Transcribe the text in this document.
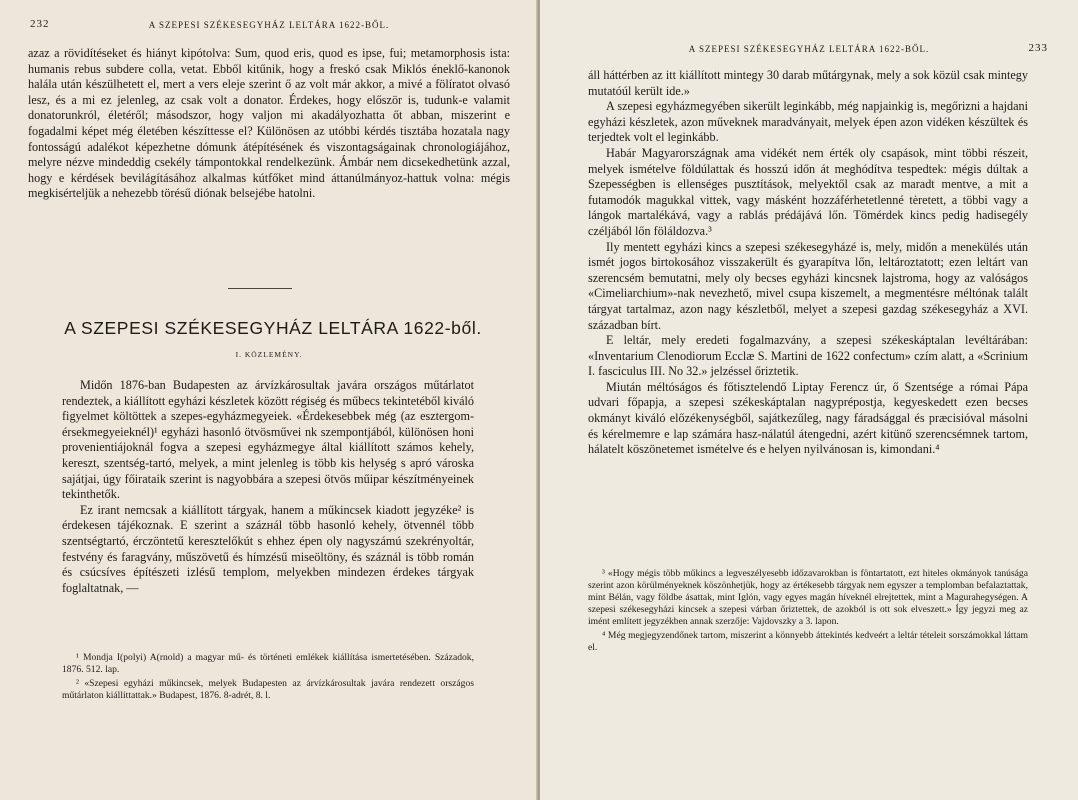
232	A SZEPESI SZÉKESEGYHÁZ LELTÁRA 1622-BŐL.

azaz a rövidítéseket és hiányt kipótolva: Sum, quod eris, quod es ipse, fui; metamorphosis ista: humanis rebus subdere colla, vetat. Ebből kitűnik, hogy a freskó csak Miklós éneklő-kanonok halála után készülhetett el, mert a vers eleje szerint ő az volt már akkor, a mivé a fölíratot olvasó lesz, és a mi ez jelenleg, az csak volt a donator. Érdekes, hogy először is, tudunk-e valamit donatorunkról, életéről; másodszor, hogy valjon mi akadályozhatta őt abban, miszerint e fogadalmi képet még életében készíttesse el? Különösen az utóbbi kérdés tisztába hozatala nagy fontosságú adalékot képezhetne dómunk átépítésének és viszontagságainak chronologiájához, melyre nézve mindeddig csekély támpontokkal rendelkezünk. Ámbár nem dicsekedhetünk azzal, hogy e kérdések bevilágításához alkalmas kútfőket mind áttanúlmányoz-hattuk volna: mégis megkisérteljük a nehezebb törésű diónak belsejébe hatolni.

A SZEPESI SZÉKESEGYHÁZ LELTÁRA 1622-ből.
I. KÖZLEMÉNY.

Midőn 1876-ban Budapesten az árvízkárosultak javára országos műtárlatot rendeztek, a kiállított egyházi készletek között régiség és műbecs tekintetéből kiváló figyelmet költöttek a szepes-egyházmegyeiek. «Érdekesebbek még (az esztergom-érsekmegyeieknél)¹ egyházi hasonló ötvösművei nk szempontjából, különösen honi provenientiájoknál fogva a szepesi egyházmegye által kiállított számos kehely, kereszt, szentség-tartó, melyek, a mint jelenleg is több kis helység s apró városka sajátjai, úgy főirataik szerint is nagyobbára a szepesi ötvös műipar készítményeinek tekinthetők.

Ez irant nemcsak a kiállított tárgyak, hanem a műkincsek kiadott jegyzéke² is érdekesen tájékoznak. E szerint a százнál több hasonló kehely, ötvennél több szentségtartó, érczöntetű keresztelőkút s ehhez épen oly nagyszámú szekrényoltár, festvény és faragvány, műszövetű és hímzésű miseöltöny, és száznál is több román és csúcsíves építészeti izlésű templom, melyekben mindezen érdekes tárgyak foglaltatnak, —

¹ Mondja I(polyi) A(rnold) a magyar mű- és történeti emlékek kiállítása ismertetésében. Századok, 1876. 512. lap.

² «Szepesi egyházi műkincsek, melyek Budapesten az árvízkárosultak javára rendezett országos műtárlaton kiállíttattak.» Budapest, 1876. 8-adrét, 8. l.

A SZEPESI SZÉKESEGYHÁZ LELTÁRA 1622-BŐL.	233

áll háttérben az itt kiállított mintegy 30 darab műtárgynak, mely a sok közül csak mintegy mutatóúl került ide.»

A szepesi egyházmegyében sikerült leginkább, még napjainkig is, megőrizni a hajdani egyházi készletek, azon műveknek maradványait, melyek épen azon vidéken készültek és terjedtek volt el leginkább.

Habár Magyarországnak ama vidékét nem érték oly csapások, mint többi részeit, melyek ismételve földúlattak és hosszú időn át meghódítva tespedtek: mégis dúltak a Szepességben is ellenséges pusztítások, melyektől csak az maradt mentve, a mit a futamodók magukkal vittek, vagy másként hozzáférhetetlenné tėretett, a többi vagy a lángok martalékává, vagy a rablás prédájává lőn. Tömérdek kincs pedig hadisegély czéljából lőn föláldozva.³

Ily mentett egyházi kincs a szepesi székesegyházé is, mely, midőn a menekülés után ismét jogos birtokosához visszakerült és gyarapítva lőn, leltároztatott; ezen leltárt van szerencsém bemutatni, mely oly becses egyházi kincsnek lajstroma, hogy az valóságos «Cimeliarchium»-nak nevezhető, mivel csupa kiszemelt, a megmentésre méltónak talált tárgyat tartalmaz, azon nagy készletből, melyet a szepesi gazdag székesegyház a XVI. században bírt.

E leltár, mely eredeti fogalmazvány, a szepesi székeskáptalan levéltárában: «Inventarium Clenodiorum Ecclæ S. Martini de 1622 confectum» czím alatt, a «Scrinium I. fasciculus III. No 32.» jelzéssel őriztetik.

Miután méltóságos és főtisztelendő Liptay Ferencz úr, ő Szentsége a római Pápa udvari főpapja, a szepesi székeskáptalan nagyprépostja, kegyeskedett ezen becses okmányt kiváló előzékenységből, sajátkezűleg, nagy fáradsággal és præcisióval másolni és kérelmemre e lap számára hasz-nálatúl átengedni, azért kitünő szerencsémnek tartom, hálatelt köszönetemet ismételve és e helyen nyilvánosan is, kimondani.⁴

³ «Hogy mégis több műkincs a legveszélyesebb időzavarokban is föntartatott, ezt hiteles okmányok tanúsága szerint azon körülményeknek köszönhetjük, hogy az értékesebb tárgyak nem egyszer a templomban befalaztattak, mint Bélán, vagy földbe ásattak, mint Iglón, vagy egyes magán híveknél elrejtettek, mint a Magurahegységen. A szepesi székesegyházi kincsek a szepesi várban őriztettek, de azokból is ott sok elveszett.» Így jegyzi meg az imént említett jegyzékben annak szerzője: Vajdovszky a 3. lapon.

⁴ Még megjegyzendőnek tartom, miszerint a könnyebb áttekintés kedveért a leltár tételeit sorszámokkal láttam el.
